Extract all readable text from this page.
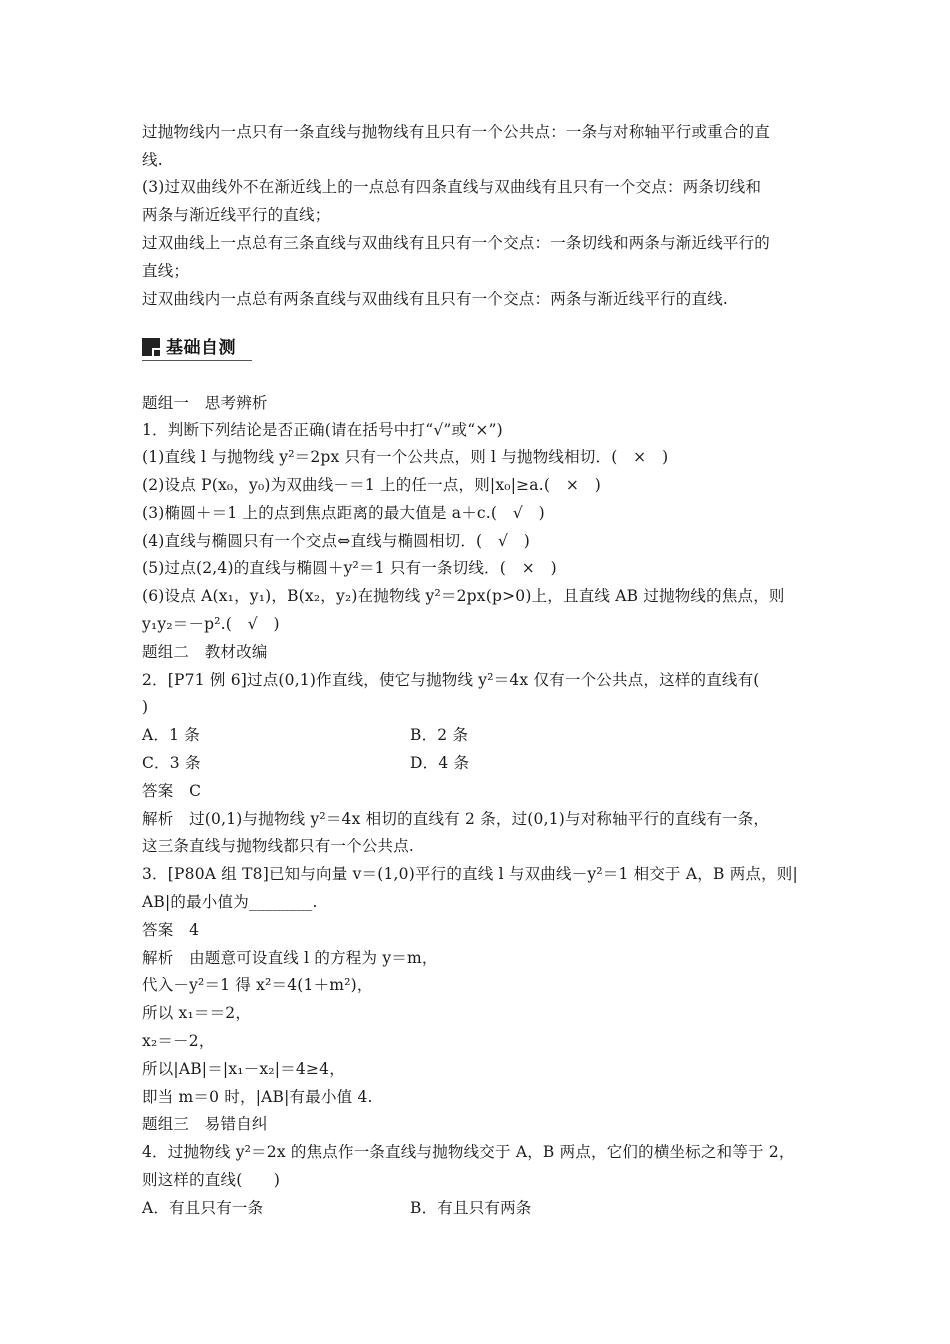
过抛物线内一点只有一条直线与抛物线有且只有一个公共点：一条与对称轴平行或重合的直
线.
(3)过双曲线外不在渐近线上的一点总有四条直线与双曲线有且只有一个交点：两条切线和
两条与渐近线平行的直线；
过双曲线上一点总有三条直线与双曲线有且只有一个交点：一条切线和两条与渐近线平行的
直线；
过双曲线内一点总有两条直线与双曲线有且只有一个交点：两条与渐近线平行的直线.
基础自测
题组一　思考辨析
1．判断下列结论是否正确(请在括号中打“√”或“×”)
(1)直线 l 与抛物线 y²＝2px 只有一个公共点，则 l 与抛物线相切．(　×　)
(2)设点 P(x₀，y₀)为双曲线－＝1 上的任一点，则|x₀|≥a.(　×　)
(3)椭圆＋＝1 上的点到焦点距离的最大值是 a＋c.(　√　)
(4)直线与椭圆只有一个交点⇔直线与椭圆相切．(　√　)
(5)过点(2,4)的直线与椭圆＋y²＝1 只有一条切线．(　×　)
(6)设点 A(x₁，y₁)，B(x₂，y₂)在抛物线 y²＝2px(p>0)上，且直线 AB 过抛物线的焦点，则
y₁y₂＝－p².(　√　)
题组二　教材改编
2．[P71 例 6]过点(0,1)作直线，使它与抛物线 y²＝4x 仅有一个公共点，这样的直线有(
)
A．1 条	B．2 条
C．3 条	D．4 条
答案　C
解析　过(0,1)与抛物线 y²＝4x 相切的直线有 2 条，过(0,1)与对称轴平行的直线有一条，
这三条直线与抛物线都只有一个公共点.
3．[P80A 组 T8]已知与向量 v＝(1,0)平行的直线 l 与双曲线－y²＝1 相交于 A，B 两点，则|
AB|的最小值为________.
答案　4
解析　由题意可设直线 l 的方程为 y＝m，
代入－y²＝1 得 x²＝4(1＋m²)，
所以 x₁＝＝2，
x₂＝－2，
所以|AB|＝|x₁－x₂|＝4≥4，
即当 m＝0 时，|AB|有最小值 4.
题组三　易错自纠
4．过抛物线 y²＝2x 的焦点作一条直线与抛物线交于 A，B 两点，它们的横坐标之和等于 2，
则这样的直线(　　)
A．有且只有一条	B．有且只有两条
